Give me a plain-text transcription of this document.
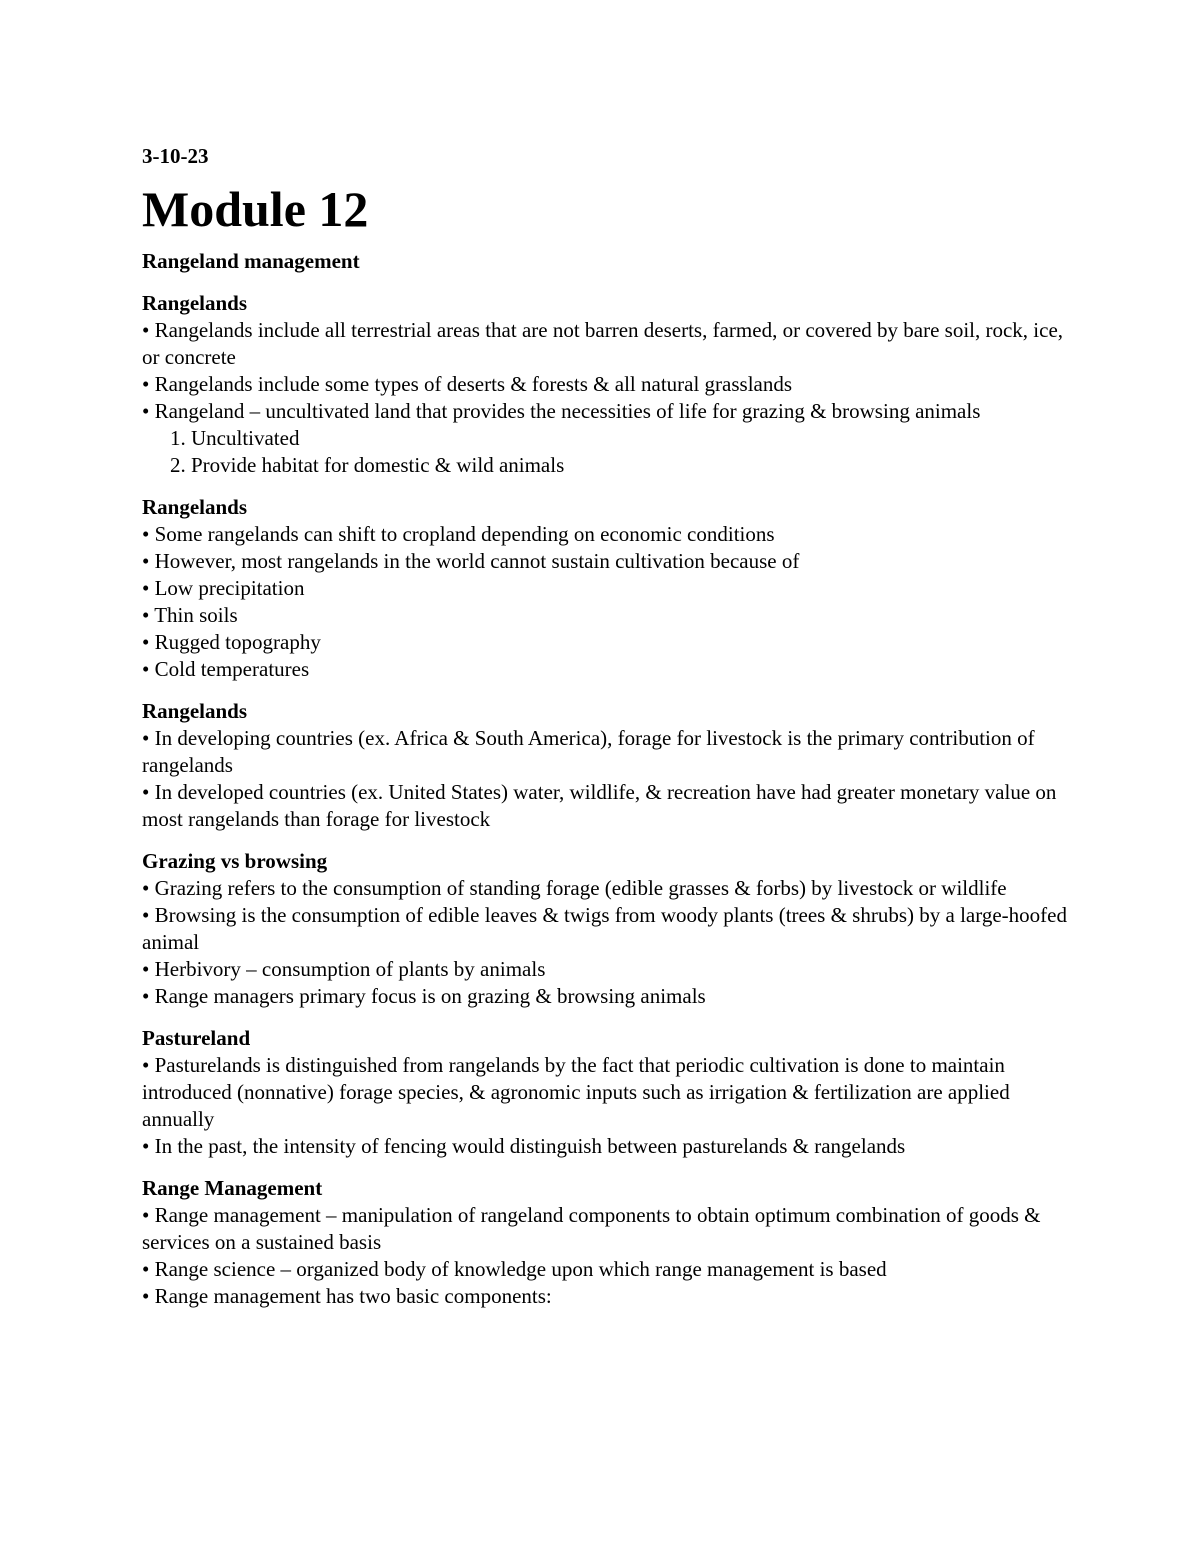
3-10-23
Module 12
Rangeland management
Rangelands
• Rangelands include all terrestrial areas that are not barren deserts, farmed, or covered by bare soil, rock, ice, or concrete
• Rangelands include some types of deserts & forests & all natural grasslands
• Rangeland – uncultivated land that provides the necessities of life for grazing & browsing animals
1. Uncultivated
2. Provide habitat for domestic & wild animals
Rangelands
• Some rangelands can shift to cropland depending on economic conditions
• However, most rangelands in the world cannot sustain cultivation because of
• Low precipitation
• Thin soils
• Rugged topography
• Cold temperatures
Rangelands
• In developing countries (ex. Africa & South America), forage for livestock is the primary contribution of rangelands
• In developed countries (ex. United States) water, wildlife, & recreation have had greater monetary value on most rangelands than forage for livestock
Grazing vs browsing
• Grazing refers to the consumption of standing forage (edible grasses & forbs) by livestock or wildlife
• Browsing is the consumption of edible leaves & twigs from woody plants (trees & shrubs) by a large-hoofed animal
• Herbivory – consumption of plants by animals
• Range managers primary focus is on grazing & browsing animals
Pastureland
• Pasturelands is distinguished from rangelands by the fact that periodic cultivation is done to maintain introduced (nonnative) forage species, & agronomic inputs such as irrigation & fertilization are applied annually
• In the past, the intensity of fencing would distinguish between pasturelands & rangelands
Range Management
• Range management – manipulation of rangeland components to obtain optimum combination of goods & services on a sustained basis
• Range science – organized body of knowledge upon which range management is based
• Range management has two basic components:
